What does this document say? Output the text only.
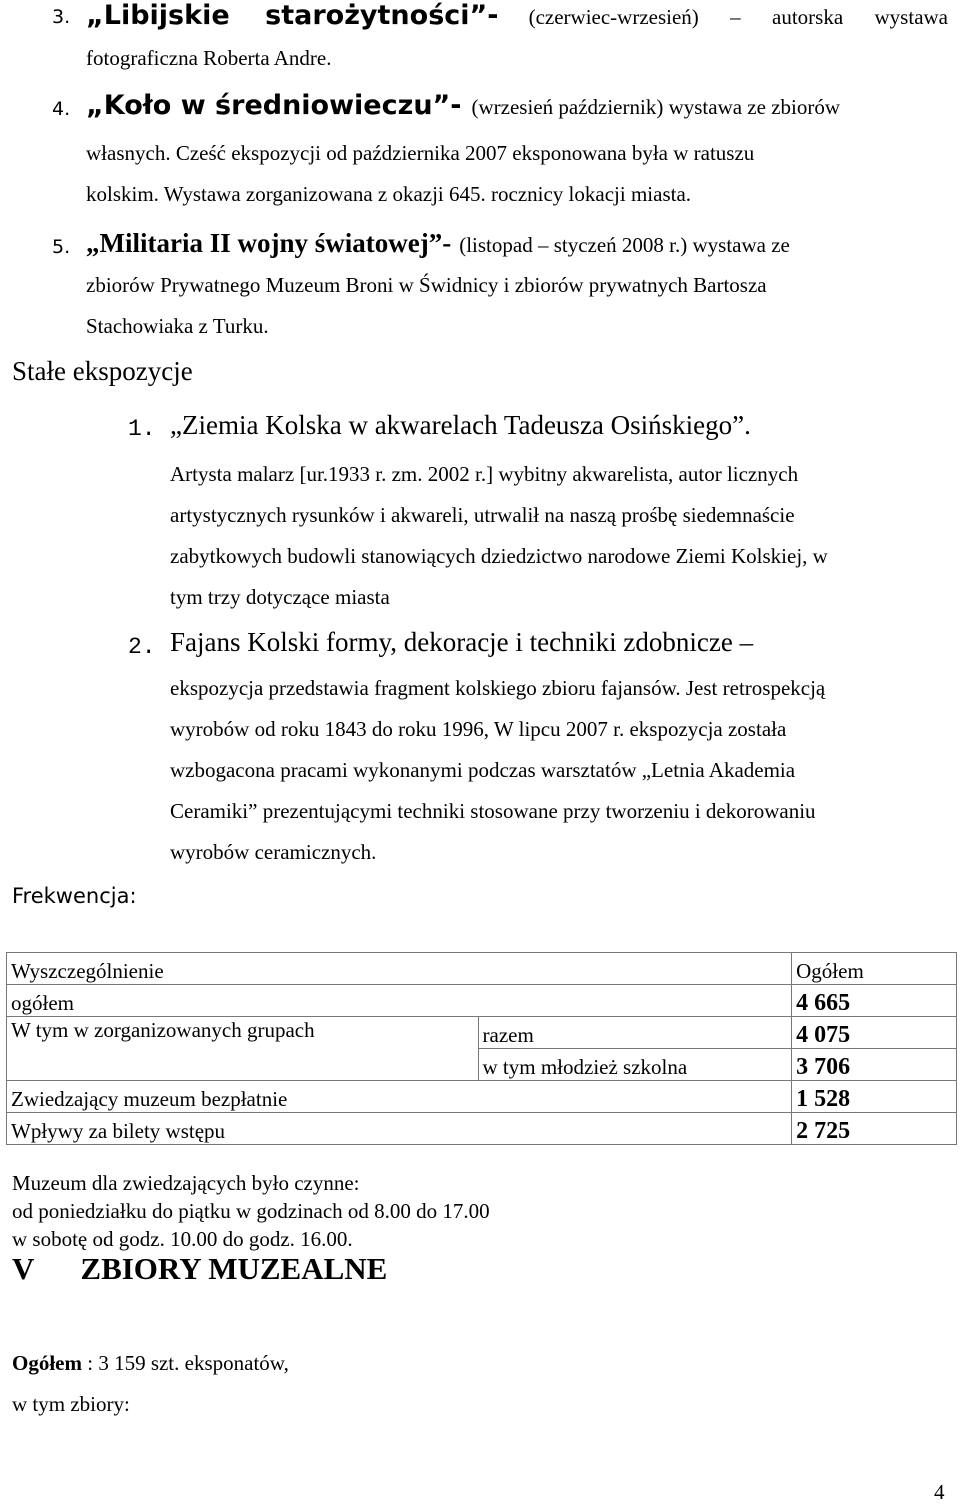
3. „Libijskie starożytności”- (czerwiec-wrzesień) – autorska wystawa
fotograficzna Roberta Andre.
4. „Koło w średniowieczu”- (wrzesień październik) wystawa ze zbiorów
własnych. Cześć ekspozycji od października 2007 eksponowana była w ratuszu
kolskim. Wystawa zorganizowana z okazji 645. rocznicy lokacji miasta.
5. „Militaria II wojny światowej”- (listopad – styczeń 2008 r.) wystawa ze
zbiorów Prywatnego Muzeum Broni w Świdnicy i zbiorów prywatnych Bartosza
Stachowiaka z Turku.
Stałe ekspozycje
1. „Ziemia Kolska w akwarelach Tadeusza Osińskiego”.
Artysta malarz [ur.1933 r. zm. 2002 r.] wybitny akwarelista, autor licznych
artystycznych rysunków i akwareli, utrwalił na naszą prośbę siedemnaście
zabytkowych budowli stanowiących dziedzictwo narodowe Ziemi Kolskiej, w
tym trzy dotyczące miasta
2. Fajans Kolski formy, dekoracje i techniki zdobnicze –
ekspozycja przedstawia fragment kolskiego zbioru fajansów. Jest retrospekcją
wyrobów od roku 1843 do roku 1996, W lipcu 2007 r. ekspozycja została
wzbogacona pracami wykonanymi podczas warsztatów „Letnia Akademia
Ceramiki” prezentującymi techniki stosowane przy tworzeniu i dekorowaniu
wyrobów ceramicznych.
Frekwencja:
Wyszczególnienie		Ogółem
ogółem		4 665
W tym w zorganizowanych grupach	razem	4 075
	w tym młodzież szkolna	3 706
Zwiedzający muzeum bezpłatnie		1 528
Wpływy za bilety wstępu		2 725
Muzeum dla zwiedzających było czynne:
od poniedziałku do piątku w godzinach od 8.00 do 17.00
w sobotę od godz. 10.00 do godz. 16.00.
V ZBIORY MUZEALNE
Ogółem : 3 159 szt. eksponatów,
w tym zbiory:
4
